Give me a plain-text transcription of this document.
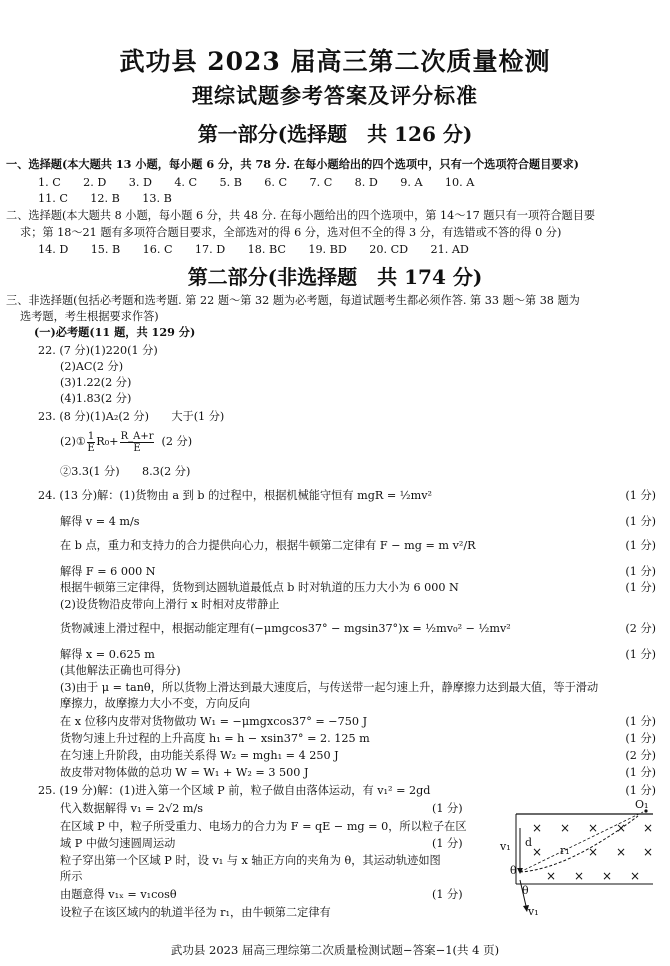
武功县 2023 届高三第二次质量检测
理综试题参考答案及评分标准
第一部分(选择题　共 126 分)
一、选择题(本大题共 13 小题，每小题 6 分，共 78 分. 在每小题给出的四个选项中，只有一个选项符合题目要求)
1. C　　2. D　　3. D　　4. C　　5. B　　6. C　　7. C　　8. D　　9. A　　10. A
11. C　　12. B　　13. B
二、选择题(本大题共 8 小题，每小题 6 分，共 48 分. 在每小题给出的四个选项中，第 14～17 题只有一项符合题目要
求；第 18～21 题有多项符合题目要求，全部选对的得 6 分，选对但不全的得 3 分，有选错或不答的得 0 分)
14. D　　15. B　　16. C　　17. D　　18. BC　　19. BD　　20. CD　　21. AD
第二部分(非选择题　共 174 分)
三、非选择题(包括必考题和选考题. 第 22 题～第 32 题为必考题，每道试题考生都必须作答. 第 33 题～第 38 题为
选考题，考生根据要求作答)
(一)必考题(11 题，共 129 分)
22. (7 分)(1)220(1 分)
(2)AC(2 分)
(3)1.22(2 分)
(4)1.83(2 分)
23. (8 分)(1)A₂(2 分)　　大于(1 分)
(2)① $\frac{1}{E} R_0+ \frac{R\_A+r}{E} (2$ 分)
②3.3(1 分)　　8.3(2 分)
24. (13 分)解：(1)货物由 a 到 b 的过程中，根据机械能守恒有 mgR = ½mv²	(1 分)
解得 v = 4 m/s	(1 分)
在 b 点，重力和支持力的合力提供向心力，根据牛顿第二定律有 F − mg = m v²/R	(1 分)
解得 F = 6 000 N	(1 分)
根据牛顿第三定律得，货物到达圆轨道最低点 b 时对轨道的压力大小为 6 000 N	(1 分)
(2)设货物沿皮带向上滑行 x 时相对皮带静止
货物减速上滑过程中，根据动能定理有(−μmgcos37° − mgsin37°)x = ½mv₀² − ½mv²	(2 分)
解得 x = 0.625 m	(1 分)
(其他解法正确也可得分)
(3)由于 μ = tanθ，所以货物上滑达到最大速度后，与传送带一起匀速上升，静摩擦力达到最大值，等于滑动
摩擦力，故摩擦力大小不变，方向反向
在 x 位移内皮带对货物做功 W₁ = −μmgxcos37° = −750 J	(1 分)
货物匀速上升过程的上升高度 h₁ = h − xsin37° = 2. 125 m	(1 分)
在匀速上升阶段，由功能关系得 W₂ = mgh₁ = 4 250 J	(2 分)
故皮带对物体做的总功 W = W₁ + W₂ = 3 500 J	(1 分)
25. (19 分)解：(1)进入第一个区域 P 前，粒子做自由落体运动，有 v₁² = 2gd	(1 分)
代入数据解得 v₁ = 2√2 m/s	(1 分)
在区域 P 中，粒子所受重力、电场力的合力为 F = qE − mg = 0，所以粒子在区
域 P 中做匀速圆周运动	(1 分)
粒子穿出第一个区域 P 时，设 v₁ 与 x 轴正方向的夹角为 θ，其运动轨迹如图
所示
由题意得 v₁ₓ = v₁cosθ	(1 分)
设粒子在该区域内的轨道半径为 r₁，由牛顿第二定律有
O₁
v₁ d
r₁
θ
θ
v₁
× × × × ×
×	× × ×
× × × ×
武功县 2023 届高三理综第二次质量检测试题−答案−1(共 4 页)
